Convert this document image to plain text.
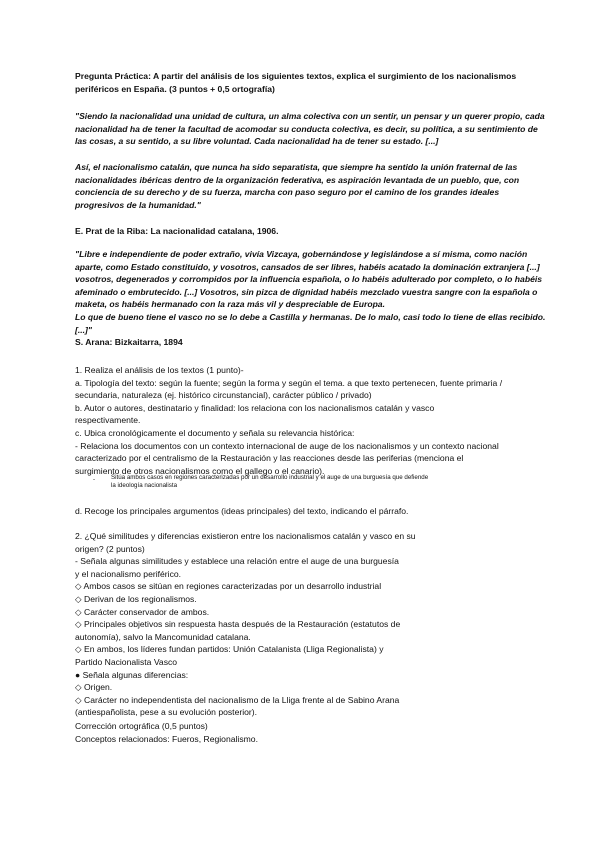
Pregunta Práctica: A partir del análisis de los siguientes textos, explica el surgimiento de los nacionalismos
periféricos en España. (3 puntos + 0,5 ortografía)
"Siendo la nacionalidad una unidad de cultura, un alma colectiva con un sentir, un pensar y un querer propio, cada
nacionalidad ha de tener la facultad de acomodar su conducta colectiva, es decir, su política, a su sentimiento de
las cosas, a su sentido, a su libre voluntad. Cada nacionalidad ha de tener su estado. [...]
Así, el nacionalismo catalán, que nunca ha sido separatista, que siempre ha sentido la unión fraternal de las
nacionalidades ibéricas dentro de la organización federativa, es aspiración levantada de un pueblo, que, con
conciencia de su derecho y de su fuerza, marcha con paso seguro por el camino de los grandes ideales
progresivos de la humanidad."
E. Prat de la Riba: La nacionalidad catalana, 1906.
"Libre e independiente de poder extraño, vivía Vizcaya, gobernándose y legislándose a sí misma, como nación
aparte, como Estado constituido, y vosotros, cansados de ser libres, habéis acatado la dominación extranjera [...]
vosotros, degenerados y corrompidos por la influencia española, o lo habéis adulterado por completo, o lo habéis
afeminado o embrutecido. [...] Vosotros, sin pizca de dignidad habéis mezclado vuestra sangre con la española o
maketa, os habéis hermanado con la raza más vil y despreciable de Europa.
Lo que de bueno tiene el vasco no se lo debe a Castilla y hermanas. De lo malo, casi todo lo tiene de ellas recibido.
[...]"
S. Arana: Bizkaitarra, 1894
1. Realiza el análisis de los textos (1 punto)-
a. Tipología del texto: según la fuente; según la forma y según el tema. a que texto pertenecen, fuente primaria /
secundaria, naturaleza (ej. histórico circunstancial), carácter público / privado)
b. Autor o autores, destinatario y finalidad: los relaciona con los nacionalismos catalán y vasco
respectivamente.
c. Ubica cronológicamente el documento y señala su relevancia histórica:
- Relaciona los documentos con un contexto internacional de auge de los nacionalismos y un contexto nacional
caracterizado por el centralismo de la Restauración y las reacciones desde las periferias (menciona el
surgimiento de otros nacionalismos como el gallego o el canario).
-	Sitúa ambos casos en regiones caracterizadas por un desarrollo industrial y el auge de una burguesía que defiende
la ideología nacionalista
d. Recoge los principales argumentos (ideas principales) del texto, indicando el párrafo.
2. ¿Qué similitudes y diferencias existieron entre los nacionalismos catalán y vasco en su
origen? (2 puntos)
- Señala algunas similitudes y establece una relación entre el auge de una burguesía
y el nacionalismo periférico.
◇ Ambos casos se sitúan en regiones caracterizadas por un desarrollo industrial
◇ Derivan de los regionalismos.
◇ Carácter conservador de ambos.
◇ Principales objetivos sin respuesta hasta después de la Restauración (estatutos de
autonomía), salvo la Mancomunidad catalana.
◇ En ambos, los líderes fundan partidos: Unión Catalanista (Lliga Regionalista) y
Partido Nacionalista Vasco
● Señala algunas diferencias:
◇ Origen.
◇ Carácter no independentista del nacionalismo de la Lliga frente al de Sabino Arana
(antiespañolista, pese a su evolución posterior).
Corrección ortográfica (0,5 puntos)
Conceptos relacionados: Fueros, Regionalismo.
